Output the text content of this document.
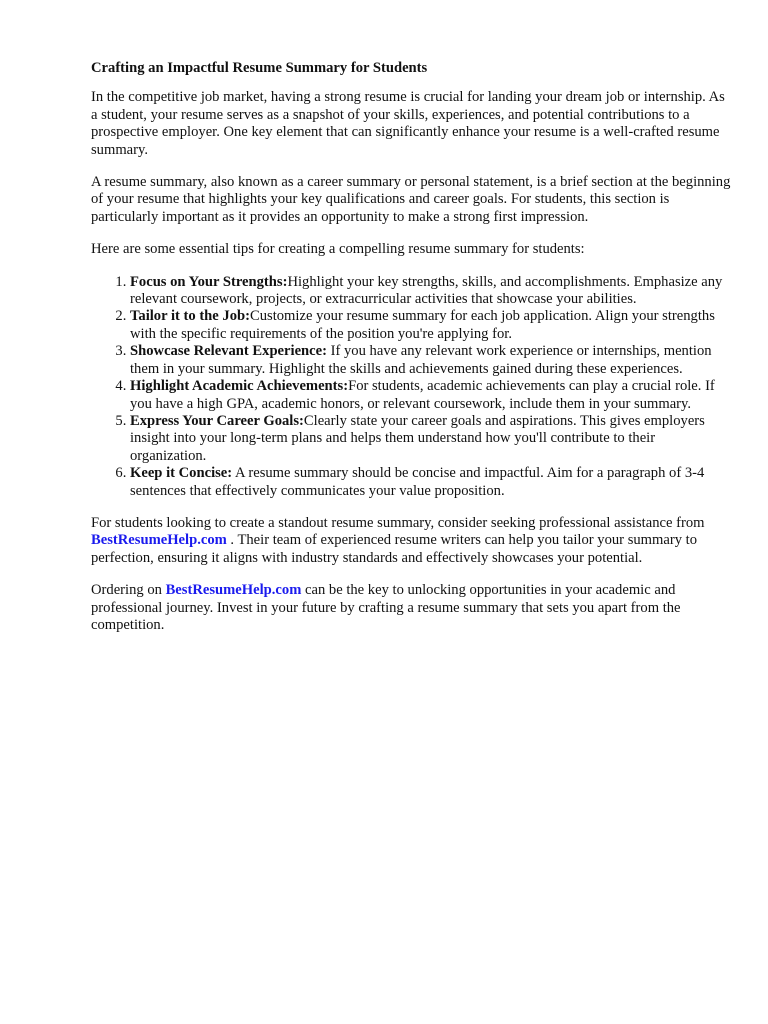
Crafting an Impactful Resume Summary for Students

In the competitive job market, having a strong resume is crucial for landing your dream job or internship. As a student, your resume serves as a snapshot of your skills, experiences, and potential contributions to a prospective employer. One key element that can significantly enhance your resume is a well-crafted resume summary.

A resume summary, also known as a career summary or personal statement, is a brief section at the beginning of your resume that highlights your key qualifications and career goals. For students, this section is particularly important as it provides an opportunity to make a strong first impression.

Here are some essential tips for creating a compelling resume summary for students:

1. Focus on Your Strengths:Highlight your key strengths, skills, and accomplishments. Emphasize any relevant coursework, projects, or extracurricular activities that showcase your abilities.
2. Tailor it to the Job:Customize your resume summary for each job application. Align your strengths with the specific requirements of the position you're applying for.
3. Showcase Relevant Experience: If you have any relevant work experience or internships, mention them in your summary. Highlight the skills and achievements gained during these experiences.
4. Highlight Academic Achievements:For students, academic achievements can play a crucial role. If you have a high GPA, academic honors, or relevant coursework, include them in your summary.
5. Express Your Career Goals:Clearly state your career goals and aspirations. This gives employers insight into your long-term plans and helps them understand how you'll contribute to their organization.
6. Keep it Concise: A resume summary should be concise and impactful. Aim for a paragraph of 3-4 sentences that effectively communicates your value proposition.

For students looking to create a standout resume summary, consider seeking professional assistance from BestResumeHelp.com . Their team of experienced resume writers can help you tailor your summary to perfection, ensuring it aligns with industry standards and effectively showcases your potential.

Ordering on BestResumeHelp.com can be the key to unlocking opportunities in your academic and professional journey. Invest in your future by crafting a resume summary that sets you apart from the competition.
